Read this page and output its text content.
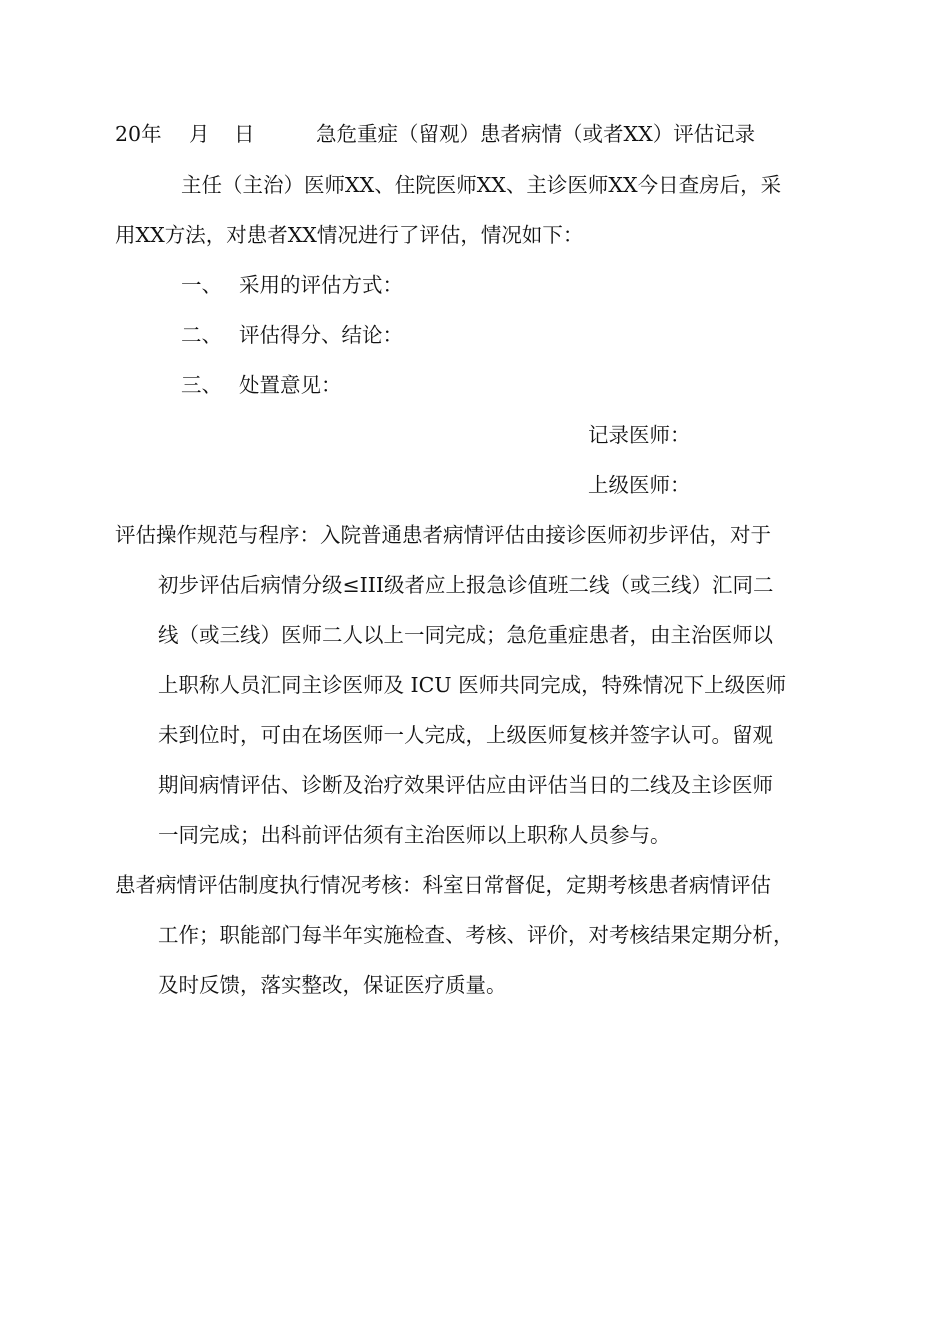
20年 月 日	急危重症（留观）患者病情（或者XX）评估记录
主任（主治）医师XX、住院医师XX、主诊医师XX今日查房后，采
用XX方法，对患者XX情况进行了评估，情况如下：
一、 采用的评估方式：
二、 评估得分、结论：
三、 处置意见：
记录医师：
上级医师：
评估操作规范与程序：入院普通患者病情评估由接诊医师初步评估，对于
初步评估后病情分级≤III级者应上报急诊值班二线（或三线）汇同二
线（或三线）医师二人以上一同完成；急危重症患者，由主治医师以
上职称人员汇同主诊医师及 ICU 医师共同完成，特殊情况下上级医师
未到位时，可由在场医师一人完成，上级医师复核并签字认可。留观
期间病情评估、诊断及治疗效果评估应由评估当日的二线及主诊医师
一同完成；出科前评估须有主治医师以上职称人员参与。
患者病情评估制度执行情况考核：科室日常督促，定期考核患者病情评估
工作；职能部门每半年实施检查、考核、评价，对考核结果定期分析，
及时反馈，落实整改，保证医疗质量。
